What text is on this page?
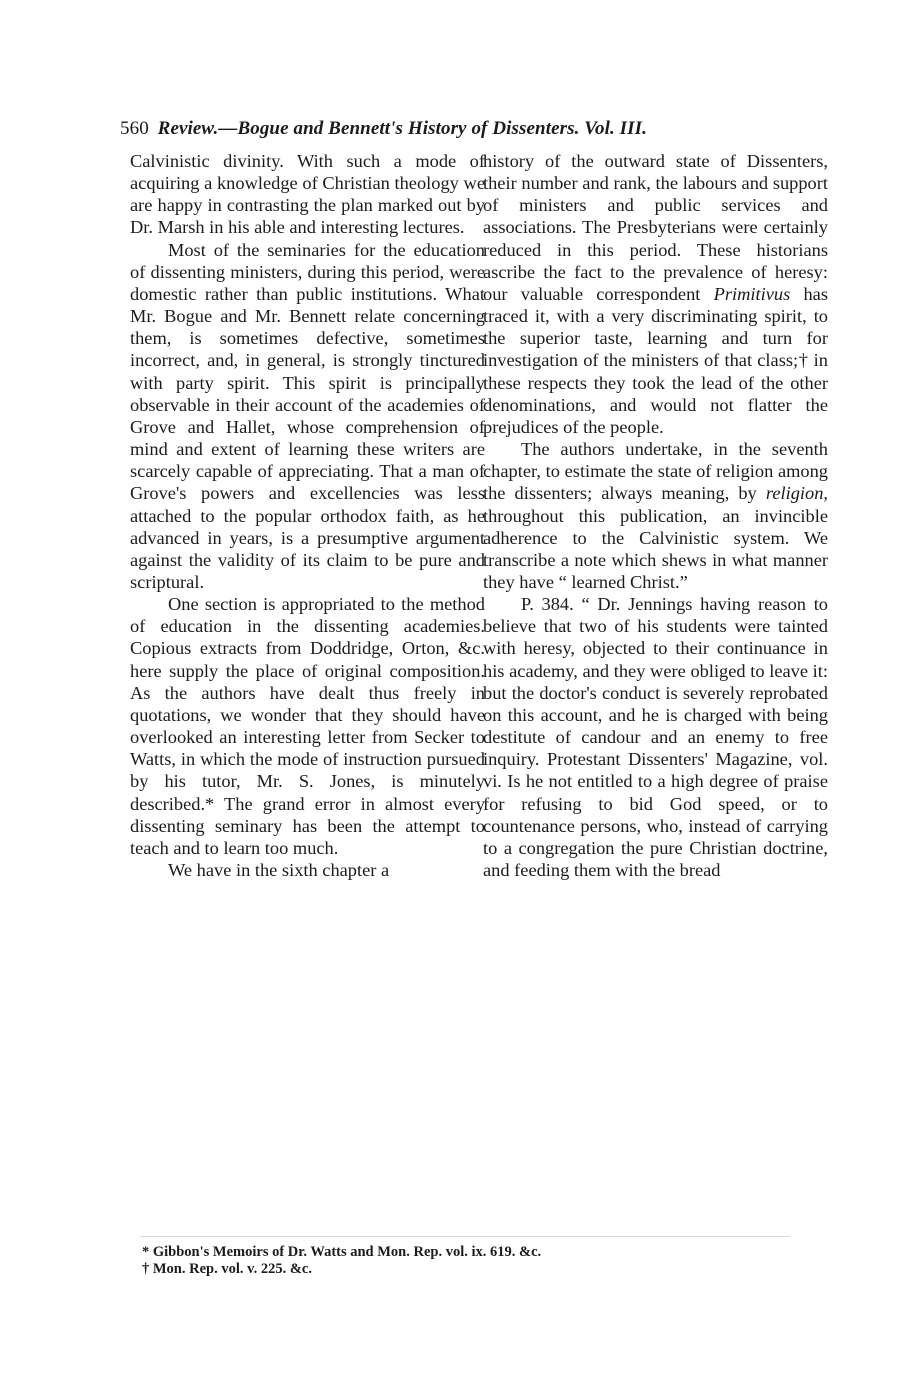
560 Review.—Bogue and Bennett's History of Dissenters. Vol. III.

Calvinistic divinity. With such a mode of acquiring a knowledge of Christian theology we are happy in contrasting the plan marked out by Dr. Marsh in his able and interesting lectures.

Most of the seminaries for the education of dissenting ministers, during this period, were domestic rather than public institutions. What Mr. Bogue and Mr. Bennett relate concerning them, is sometimes defective, sometimes incorrect, and, in general, is strongly tinctured with party spirit. This spirit is principally observable in their account of the academies of Grove and Hallet, whose comprehension of mind and extent of learning these writers are scarcely capable of appreciating. That a man of Grove's powers and excellencies was less attached to the popular orthodox faith, as he advanced in years, is a presumptive argument against the validity of its claim to be pure and scriptural.

One section is appropriated to the method of education in the dissenting academies. Copious extracts from Doddridge, Orton, &c. here supply the place of original composition. As the authors have dealt thus freely in quotations, we wonder that they should have overlooked an interesting letter from Secker to Watts, in which the mode of instruction pursued by his tutor, Mr. S. Jones, is minutely described.* The grand error in almost every dissenting seminary has been the attempt to teach and to learn too much.

We have in the sixth chapter a

history of the outward state of Dissenters, their number and rank, the labours and support of ministers and public services and associations. The Presbyterians were certainly reduced in this period. These historians ascribe the fact to the prevalence of heresy: our valuable correspondent Primitivus has traced it, with a very discriminating spirit, to the superior taste, learning and turn for investigation of the ministers of that class;† in these respects they took the lead of the other denominations, and would not flatter the prejudices of the people.

The authors undertake, in the seventh chapter, to estimate the state of religion among the dissenters; always meaning, by religion, throughout this publication, an invincible adherence to the Calvinistic system. We transcribe a note which shews in what manner they have “ learned Christ.”

P. 384. “ Dr. Jennings having reason to believe that two of his students were tainted with heresy, objected to their continuance in his academy, and they were obliged to leave it: but the doctor's conduct is severely reprobated on this account, and he is charged with being destitute of candour and an enemy to free inquiry. Protestant Dissenters' Magazine, vol. vi. Is he not entitled to a high degree of praise for refusing to bid God speed, or to countenance persons, who, instead of carrying to a congregation the pure Christian doctrine, and feeding them with the bread

* Gibbon's Memoirs of Dr. Watts and Mon. Rep. vol. ix. 619. &c.
† Mon. Rep. vol. v. 225. &c.
